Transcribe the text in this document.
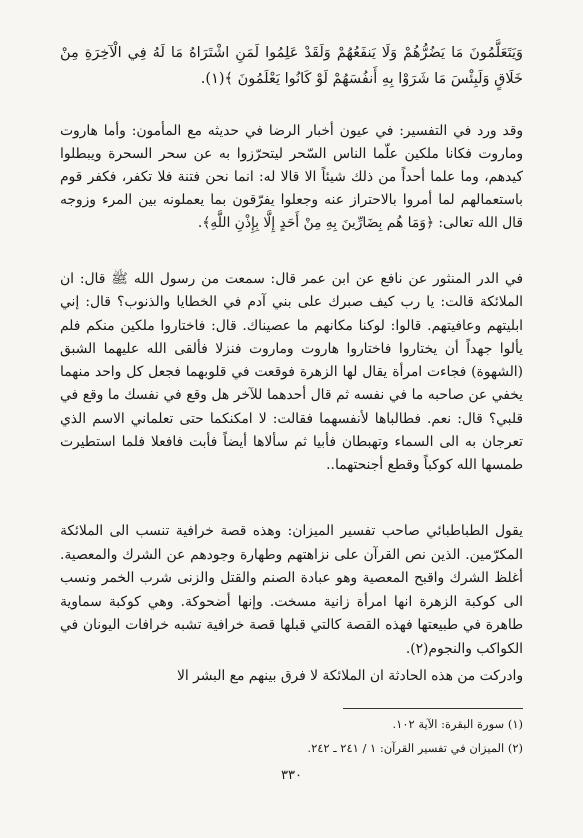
وَيَتَعَلَّمُونَ مَا يَضُرُّهُمْ وَلَا يَنفَعُهُمْ وَلَقَدْ عَلِمُوا لَمَنِ اشْتَرَاهُ مَا لَهُ فِي الْآخِرَةِ مِنْ خَلَاقٍ وَلَبِئْسَ مَا شَرَوْا بِهِ أَنفُسَهُمْ لَوْ كَانُوا يَعْلَمُونَ ﴾(١).

وقد ورد في التفسير: في عيون أخبار الرضا في حديثه مع المأمون: وأما هاروت وماروت فكانا ملكين علّما الناس السّحر ليتحرّزوا به عن سحر السحرة ويبطلوا كيدهم، وما علما أحداً من ذلك شيئاً الا قالا له: انما نحن فتنة فلا تكفر، فكفر قوم باستعمالهم لما أمروا بالاحتراز عنه وجعلوا يفرّقون بما يعملونه بين المرء وزوجه قال الله تعالى: ﴿وَمَا هُم بِضَارِّينَ بِهِ مِنْ أَحَدٍ إِلَّا بِإِذْنِ اللَّهِ﴾.

في الدر المنثور عن نافع عن ابن عمر قال: سمعت من رسول الله ﷺ قال: ان الملائكة قالت: يا رب كيف صبرك على بني آدم في الخطايا والذنوب؟ قال: إني ابليتهم وعافيتهم. قالوا: لوكنا مكانهم ما عصيناك. قال: فاختاروا ملكين منكم فلم يألوا جهداً أن يختاروا فاختاروا هاروت وماروت فنزلا فألقى الله عليهما الشبق (الشهوة) فجاءت امرأة يقال لها الزهرة فوقعت في قلوبهما فجعل كل واحد منهما يخفي عن صاحبه ما في نفسه ثم قال أحدهما للآخر هل وقع في نفسك ما وقع في قلبي؟ قال: نعم. فطالباها لأنفسهما فقالت: لا امكنكما حتى تعلماني الاسم الذي تعرجان به الى السماء وتهبطان فأبيا ثم سألاها أيضاً فأبت فافعلا فلما استطيرت طمسها الله كوكباً وقطع أجنحتهما..

يقول الطباطبائي صاحب تفسير الميزان: وهذه قصة خرافية تنسب الى الملائكة المكرّمين. الذين نص القرآن على نزاهتهم وطهارة وجودهم عن الشرك والمعصية. أغلظ الشرك واقبح المعصية وهو عبادة الصنم والقتل والزنى شرب الخمر ونسب الى كوكبة الزهرة انها امرأة زانية مسخت. وإنها أضحوكة. وهي كوكبة سماوية طاهرة في طبيعتها فهذه القصة كالتي قبلها قصة خرافية تشبه خرافات اليونان في الكواكب والنجوم(٢).

وادركت من هذه الحادثة ان الملائكة لا فرق بينهم مع البشر الا

(١) سورة البقرة: الآية ١٠٢.

(٢) الميزان في تفسير القرآن: ١ / ٢٤١ ـ ٢٤٢.

٣٣٠
